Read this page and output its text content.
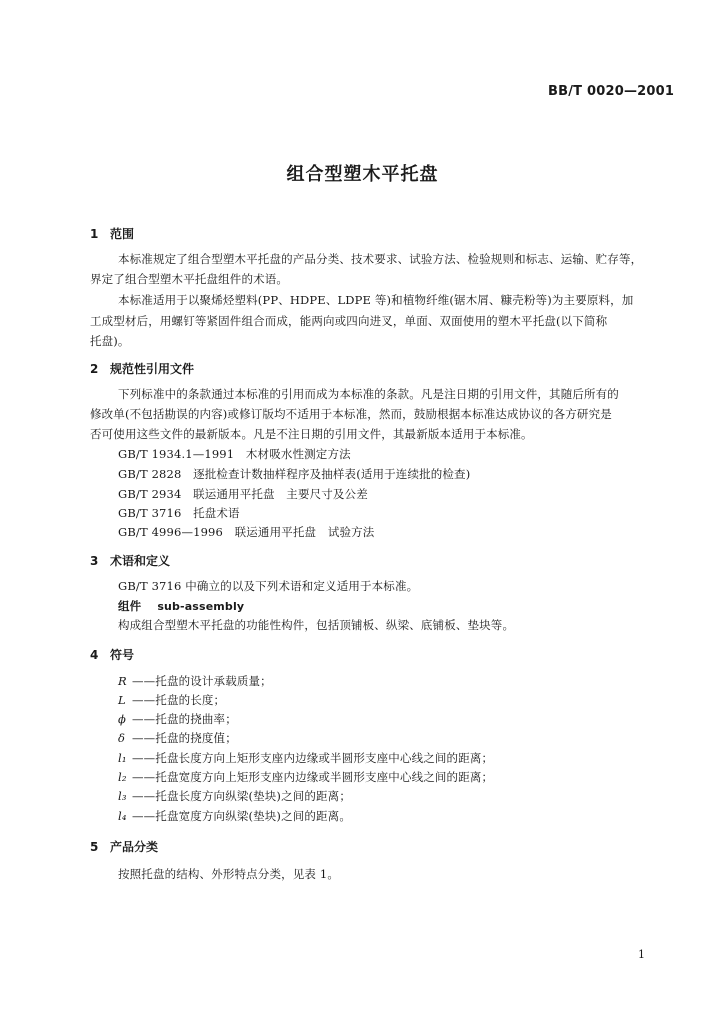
BB/T 0020—2001
组合型塑木平托盘
1 范围
本标准规定了组合型塑木平托盘的产品分类、技术要求、试验方法、检验规则和标志、运输、贮存等，
界定了组合型塑木平托盘组件的术语。
本标准适用于以聚烯烃塑料(PP、HDPE、LDPE 等)和植物纤维(锯木屑、糠壳粉等)为主要原料，加
工成型材后，用螺钉等紧固件组合而成，能两向或四向进叉，单面、双面使用的塑木平托盘(以下简称
托盘)。
2 规范性引用文件
下列标准中的条款通过本标准的引用而成为本标准的条款。凡是注日期的引用文件，其随后所有的
修改单(不包括勘误的内容)或修订版均不适用于本标准，然而，鼓励根据本标准达成协议的各方研究是
否可使用这些文件的最新版本。凡是不注日期的引用文件，其最新版本适用于本标准。
GB/T 1934.1—1991　木材吸水性测定方法
GB/T 2828　逐批检查计数抽样程序及抽样表(适用于连续批的检查)
GB/T 2934　联运通用平托盘　主要尺寸及公差
GB/T 3716　托盘术语
GB/T 4996—1996　联运通用平托盘　试验方法
3 术语和定义
GB/T 3716 中确立的以及下列术语和定义适用于本标准。
组件 sub-assembly
构成组合型塑木平托盘的功能性构件，包括顶铺板、纵梁、底铺板、垫块等。
4 符号
R ——托盘的设计承载质量；
L ——托盘的长度；
ϕ ——托盘的挠曲率；
δ ——托盘的挠度值；
l₁ ——托盘长度方向上矩形支座内边缘或半圆形支座中心线之间的距离；
l₂ ——托盘宽度方向上矩形支座内边缘或半圆形支座中心线之间的距离；
l₃ ——托盘长度方向纵梁(垫块)之间的距离；
l₄ ——托盘宽度方向纵梁(垫块)之间的距离。
5 产品分类
按照托盘的结构、外形特点分类，见表 1。
1
